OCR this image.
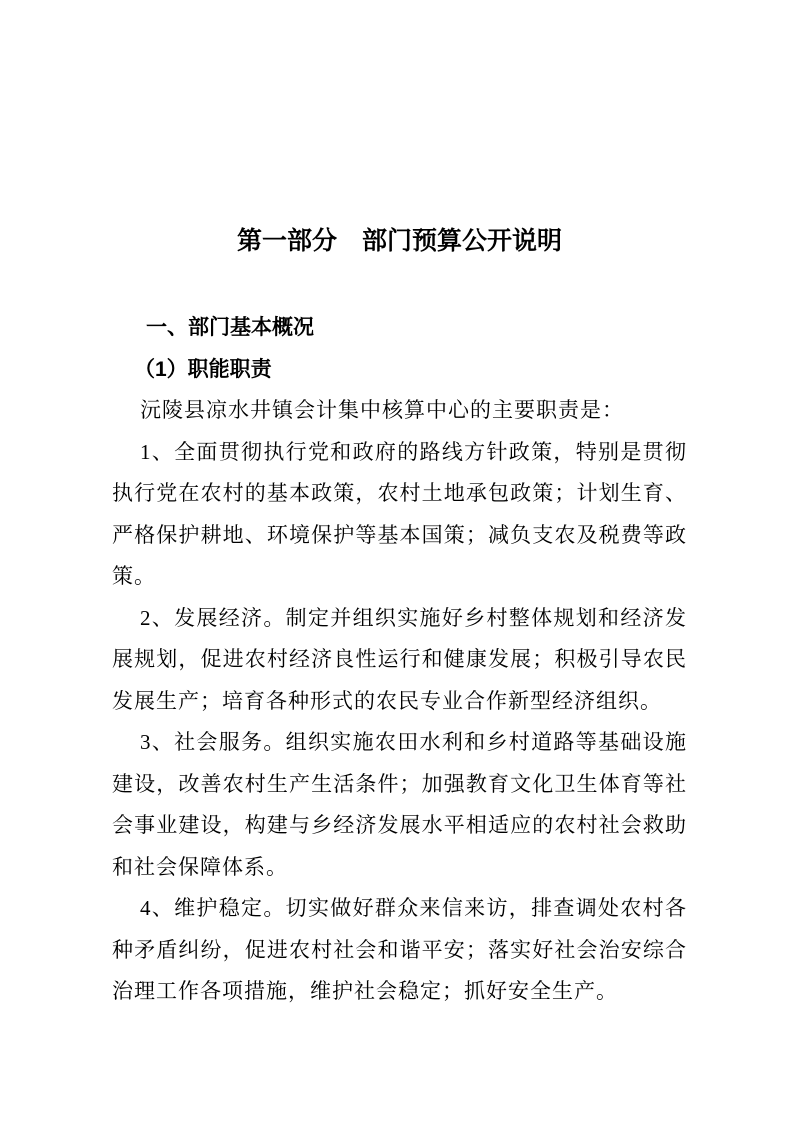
第一部分　部门预算公开说明
一、部门基本概况
（1）职能职责

沅陵县凉水井镇会计集中核算中心的主要职责是：

1、全面贯彻执行党和政府的路线方针政策，特别是贯彻执行党在农村的基本政策，农村土地承包政策；计划生育、严格保护耕地、环境保护等基本国策；减负支农及税费等政策。

2、发展经济。制定并组织实施好乡村整体规划和经济发展规划，促进农村经济良性运行和健康发展；积极引导农民发展生产；培育各种形式的农民专业合作新型经济组织。

3、社会服务。组织实施农田水利和乡村道路等基础设施建设，改善农村生产生活条件；加强教育文化卫生体育等社会事业建设，构建与乡经济发展水平相适应的农村社会救助和社会保障体系。

4、维护稳定。切实做好群众来信来访，排查调处农村各种矛盾纠纷，促进农村社会和谐平安；落实好社会治安综合治理工作各项措施，维护社会稳定；抓好安全生产。
